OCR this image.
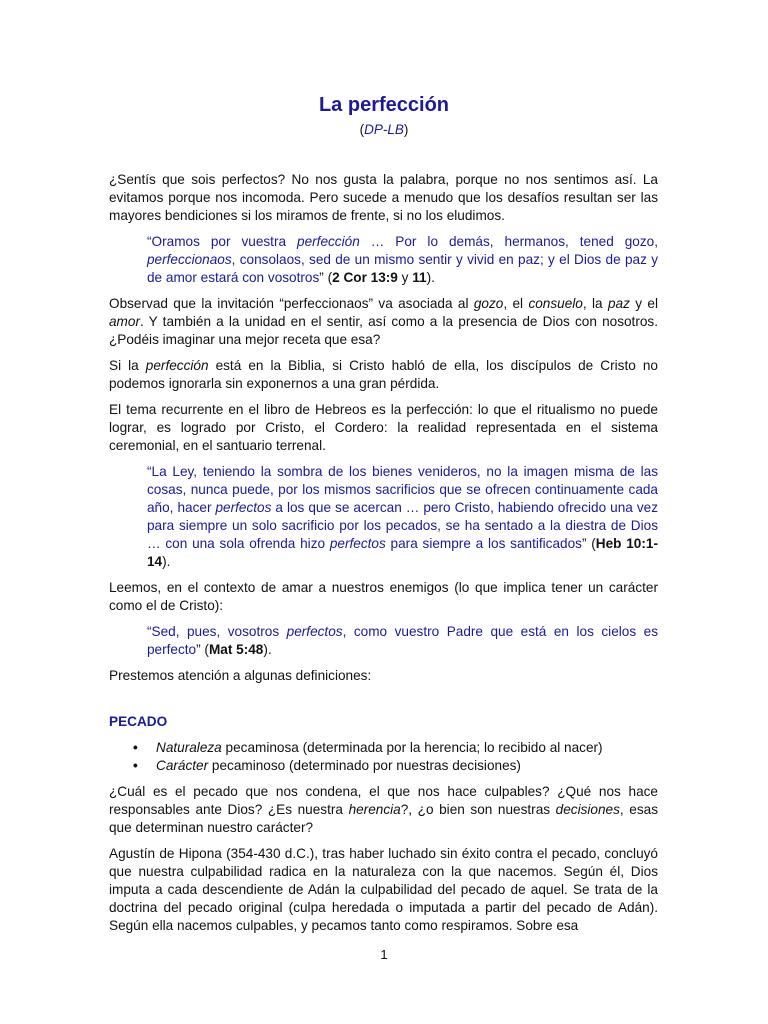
La perfección
(DP-LB)

¿Sentís que sois perfectos? No nos gusta la palabra, porque no nos sentimos así. La evitamos porque nos incomoda. Pero sucede a menudo que los desafíos resultan ser las mayores bendiciones si los miramos de frente, si no los eludimos.

“Oramos por vuestra perfección … Por lo demás, hermanos, tened gozo, perfeccionaos, consolaos, sed de un mismo sentir y vivid en paz; y el Dios de paz y de amor estará con vosotros” (2 Cor 13:9 y 11).

Observad que la invitación “perfeccionaos” va asociada al gozo, el consuelo, la paz y el amor. Y también a la unidad en el sentir, así como a la presencia de Dios con nosotros. ¿Podéis imaginar una mejor receta que esa?

Si la perfección está en la Biblia, si Cristo habló de ella, los discípulos de Cristo no podemos ignorarla sin exponernos a una gran pérdida.

El tema recurrente en el libro de Hebreos es la perfección: lo que el ritualismo no puede lograr, es logrado por Cristo, el Cordero: la realidad representada en el sistema ceremonial, en el santuario terrenal.

“La Ley, teniendo la sombra de los bienes venideros, no la imagen misma de las cosas, nunca puede, por los mismos sacrificios que se ofrecen continuamente cada año, hacer perfectos a los que se acercan … pero Cristo, habiendo ofrecido una vez para siempre un solo sacrificio por los pecados, se ha sentado a la diestra de Dios … con una sola ofrenda hizo perfectos para siempre a los santificados” (Heb 10:1-14).

Leemos, en el contexto de amar a nuestros enemigos (lo que implica tener un carácter como el de Cristo):

“Sed, pues, vosotros perfectos, como vuestro Padre que está en los cielos es perfecto” (Mat 5:48).

Prestemos atención a algunas definiciones:

PECADO

• Naturaleza pecaminosa (determinada por la herencia; lo recibido al nacer)
• Carácter pecaminoso (determinado por nuestras decisiones)

¿Cuál es el pecado que nos condena, el que nos hace culpables? ¿Qué nos hace responsables ante Dios? ¿Es nuestra herencia?, ¿o bien son nuestras decisiones, esas que determinan nuestro carácter?

Agustín de Hipona (354-430 d.C.), tras haber luchado sin éxito contra el pecado, concluyó que nuestra culpabilidad radica en la naturaleza con la que nacemos. Según él, Dios imputa a cada descendiente de Adán la culpabilidad del pecado de aquel. Se trata de la doctrina del pecado original (culpa heredada o imputada a partir del pecado de Adán). Según ella nacemos culpables, y pecamos tanto como respiramos. Sobre esa

1
